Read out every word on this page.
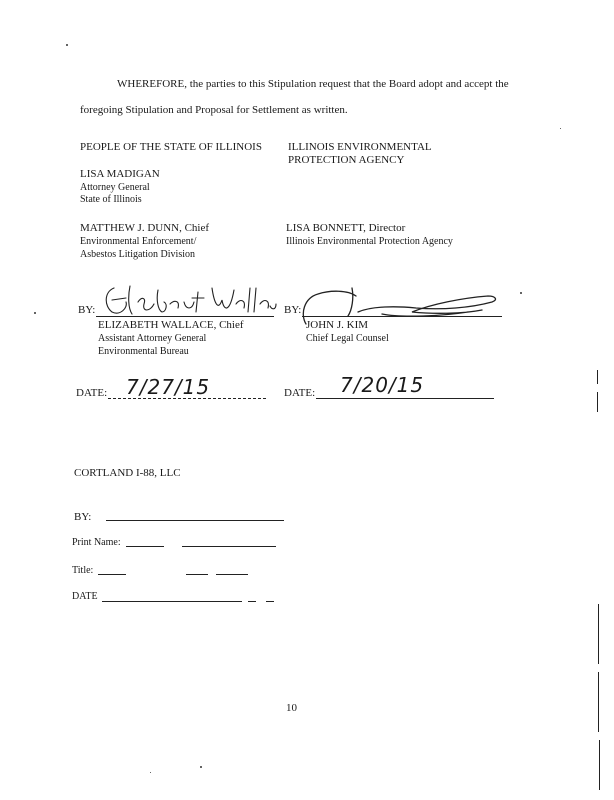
WHEREFORE, the parties to this Stipulation request that the Board adopt and accept the
foregoing Stipulation and Proposal for Settlement as written.
PEOPLE OF THE STATE OF ILLINOIS
LISA MADIGAN
Attorney General
State of Illinois
MATTHEW J. DUNN, Chief
Environmental Enforcement/
Asbestos Litigation Division
ILLINOIS ENVIRONMENTAL
PROTECTION AGENCY
LISA BONNETT, Director
Illinois Environmental Protection Agency
BY:
ELIZABETH WALLACE, Chief
Assistant Attorney General
Environmental Bureau
BY:
JOHN J. KIM
Chief Legal Counsel
DATE: 7/27/15	DATE: 7/20/15
CORTLAND I-88, LLC
BY:
Print Name:
Title:
DATE
10
